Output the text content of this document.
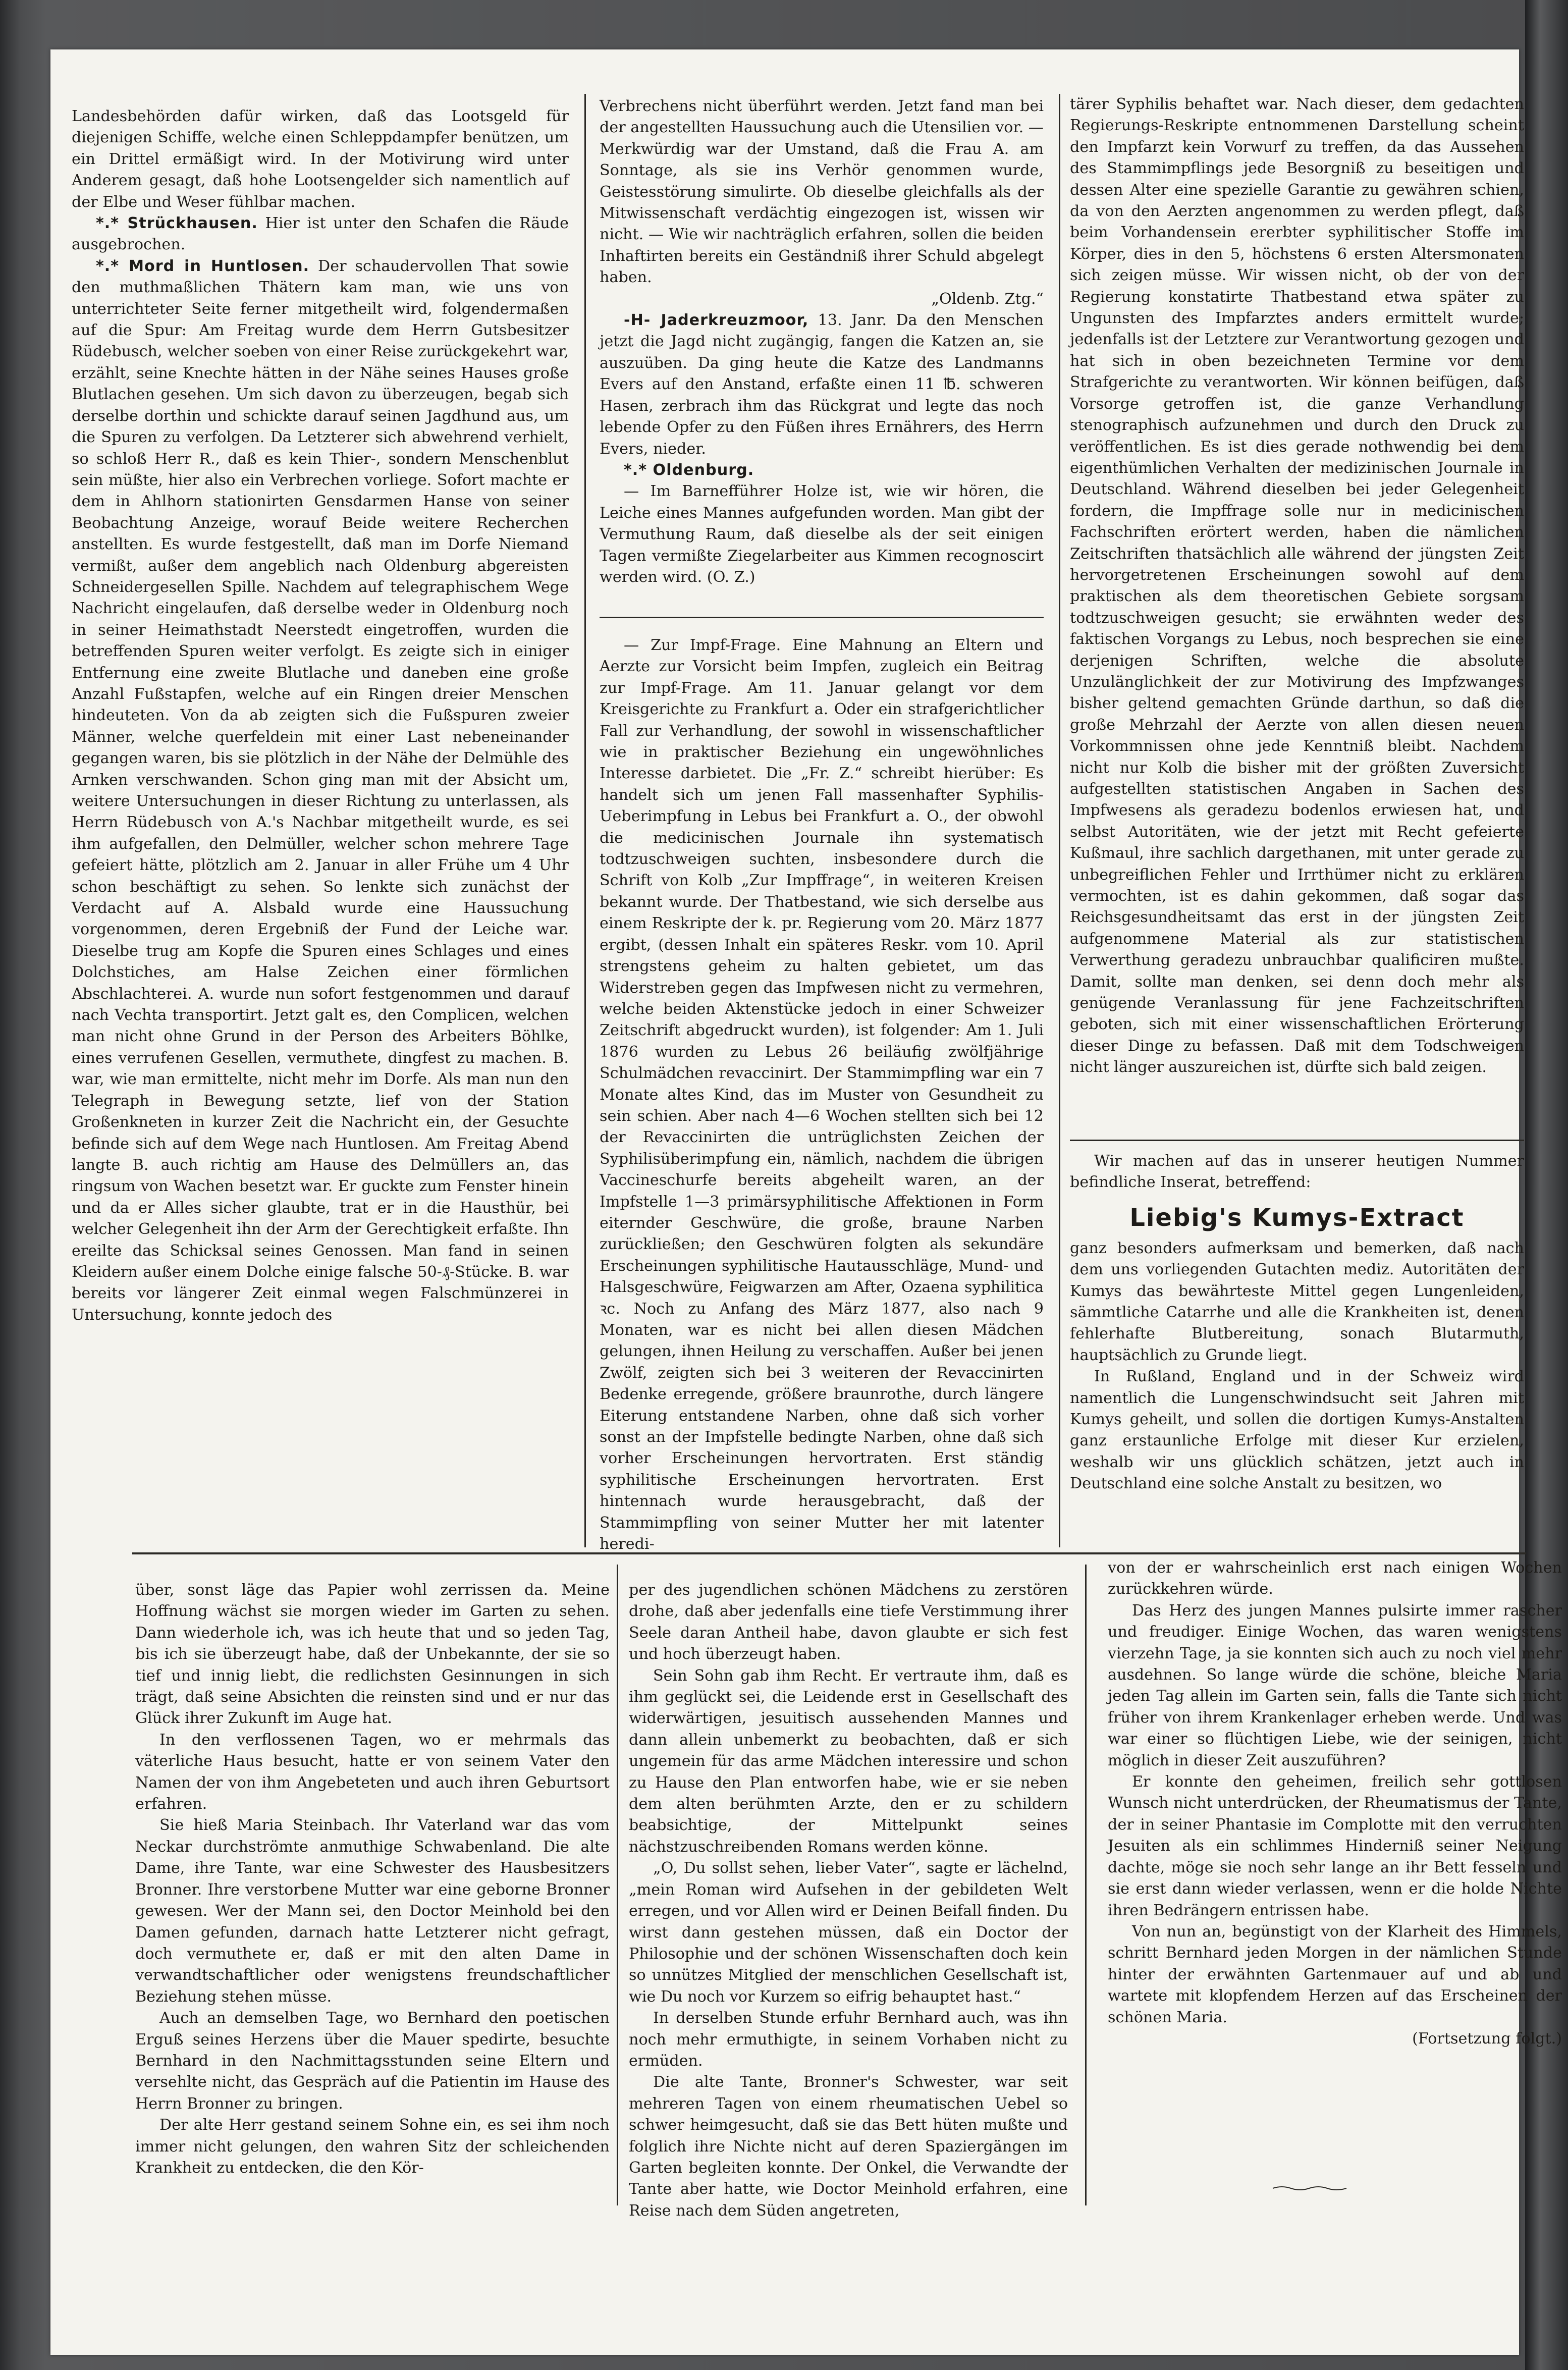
Landesbehörden dafür wirken, daß das Lootsgeld für diejenigen Schiffe, welche einen Schleppdampfer benützen, um ein Drittel ermäßigt wird. In der Motivirung wird unter Anderem gesagt, daß hohe Lootsengelder sich namentlich auf der Elbe und Weser fühlbar machen.

*.* Strückhausen. Hier ist unter den Schafen die Räude ausgebrochen.

*.* Mord in Huntlosen. Der schaudervollen That sowie den muthmaßlichen Thätern kam man, wie uns von unterrichteter Seite ferner mitgetheilt wird, folgendermaßen auf die Spur: Am Freitag wurde dem Herrn Gutsbesitzer Rüdebusch, welcher soeben von einer Reise zurückgekehrt war, erzählt, seine Knechte hätten in der Nähe seines Hauses große Blutlachen gesehen. Um sich davon zu überzeugen, begab sich derselbe dorthin und schickte darauf seinen Jagdhund aus, um die Spuren zu verfolgen. Da Letzterer sich abwehrend verhielt, so schloß Herr R., daß es kein Thier-, sondern Menschenblut sein müßte, hier also ein Verbrechen vorliege. Sofort machte er dem in Ahlhorn stationirten Gensdarmen Hanse von seiner Beobachtung Anzeige, worauf Beide weitere Recherchen anstellten. Es wurde festgestellt, daß man im Dorfe Niemand vermißt, außer dem angeblich nach Oldenburg abgereisten Schneidergesellen Spille. Nachdem auf telegraphischem Wege Nachricht eingelaufen, daß derselbe weder in Oldenburg noch in seiner Heimathstadt Neerstedt eingetroffen, wurden die betreffenden Spuren weiter verfolgt. Es zeigte sich in einiger Entfernung eine zweite Blutlache und daneben eine große Anzahl Fußstapfen, welche auf ein Ringen dreier Menschen hindeuteten. Von da ab zeigten sich die Fußspuren zweier Männer, welche querfeldein mit einer Last nebeneinander gegangen waren, bis sie plötzlich in der Nähe der Delmühle des Arnken verschwanden. Schon ging man mit der Absicht um, weitere Untersuchungen in dieser Richtung zu unterlassen, als Herrn Rüdebusch von A.'s Nachbar mitgetheilt wurde, es sei ihm aufgefallen, den Delmüller, welcher schon mehrere Tage gefeiert hätte, plötzlich am 2. Januar in aller Frühe um 4 Uhr schon beschäftigt zu sehen. So lenkte sich zunächst der Verdacht auf A. Alsbald wurde eine Haussuchung vorgenommen, deren Ergebniß der Fund der Leiche war. Dieselbe trug am Kopfe die Spuren eines Schlages und eines Dolchstiches, am Halse Zeichen einer förmlichen Abschlachterei. A. wurde nun sofort festgenommen und darauf nach Vechta transportirt. Jetzt galt es, den Complicen, welchen man nicht ohne Grund in der Person des Arbeiters Böhlke, eines verrufenen Gesellen, vermuthete, dingfest zu machen. B. war, wie man ermittelte, nicht mehr im Dorfe. Als man nun den Telegraph in Bewegung setzte, lief von der Station Großenkneten in kurzer Zeit die Nachricht ein, der Gesuchte befinde sich auf dem Wege nach Huntlosen. Am Freitag Abend langte B. auch richtig am Hause des Delmüllers an, das ringsum von Wachen besetzt war. Er guckte zum Fenster hinein und da er Alles sicher glaubte, trat er in die Hausthür, bei welcher Gelegenheit ihn der Arm der Gerechtigkeit erfaßte. Ihn ereilte das Schicksal seines Genossen. Man fand in seinen Kleidern außer einem Dolche einige falsche 50-₰-Stücke. B. war bereits vor längerer Zeit einmal wegen Falschmünzerei in Untersuchung, konnte jedoch des

Verbrechens nicht überführt werden. Jetzt fand man bei der angestellten Haussuchung auch die Utensilien vor. — Merkwürdig war der Umstand, daß die Frau A. am Sonntage, als sie ins Verhör genommen wurde, Geistesstörung simulirte. Ob dieselbe gleichfalls als der Mitwissenschaft verdächtig eingezogen ist, wissen wir nicht. — Wie wir nachträglich erfahren, sollen die beiden Inhaftirten bereits ein Geständniß ihrer Schuld abgelegt haben.

„Oldenb. Ztg.“

-H- Jaderkreuzmoor, 13. Janr. Da den Menschen jetzt die Jagd nicht zugängig, fangen die Katzen an, sie auszuüben. Da ging heute die Katze des Landmanns Evers auf den Anstand, erfaßte einen 11 ℔. schweren Hasen, zerbrach ihm das Rückgrat und legte das noch lebende Opfer zu den Füßen ihres Ernährers, des Herrn Evers, nieder.

*.* Oldenburg.

— Im Barnefführer Holze ist, wie wir hören, die Leiche eines Mannes aufgefunden worden. Man gibt der Vermuthung Raum, daß dieselbe als der seit einigen Tagen vermißte Ziegelarbeiter aus Kimmen recognoscirt werden wird. (O. Z.)

— Zur Impf-Frage. Eine Mahnung an Eltern und Aerzte zur Vorsicht beim Impfen, zugleich ein Beitrag zur Impf-Frage. Am 11. Januar gelangt vor dem Kreisgerichte zu Frankfurt a. Oder ein strafgerichtlicher Fall zur Verhandlung, der sowohl in wissenschaftlicher wie in praktischer Beziehung ein ungewöhnliches Interesse darbietet. Die „Fr. Z.“ schreibt hierüber: Es handelt sich um jenen Fall massenhafter Syphilis-Ueberimpfung in Lebus bei Frankfurt a. O., der obwohl die medicinischen Journale ihn systematisch todtzuschweigen suchten, insbesondere durch die Schrift von Kolb „Zur Impffrage“, in weiteren Kreisen bekannt wurde. Der Thatbestand, wie sich derselbe aus einem Reskripte der k. pr. Regierung vom 20. März 1877 ergibt, (dessen Inhalt ein späteres Reskr. vom 10. April strengstens geheim zu halten gebietet, um das Widerstreben gegen das Impfwesen nicht zu vermehren, welche beiden Aktenstücke jedoch in einer Schweizer Zeitschrift abgedruckt wurden), ist folgender: Am 1. Juli 1876 wurden zu Lebus 26 beiläufig zwölfjährige Schulmädchen revaccinirt. Der Stammimpfling war ein 7 Monate altes Kind, das im Muster von Gesundheit zu sein schien. Aber nach 4—6 Wochen stellten sich bei 12 der Revaccinirten die untrüglichsten Zeichen der Syphilisüberimpfung ein, nämlich, nachdem die übrigen Vaccineschurfe bereits abgeheilt waren, an der Impfstelle 1—3 primärsyphilitische Affektionen in Form eiternder Geschwüre, die große, braune Narben zurückließen; den Geschwüren folgten als sekundäre Erscheinungen syphilitische Hautausschläge, Mund- und Halsgeschwüre, Feigwarzen am After, Ozaena syphilitica ꝛc. Noch zu Anfang des März 1877, also nach 9 Monaten, war es nicht bei allen diesen Mädchen gelungen, ihnen Heilung zu verschaffen. Außer bei jenen Zwölf, zeigten sich bei 3 weiteren der Revaccinirten Bedenke erregende, größere braunrothe, durch längere Eiterung entstandene Narben, ohne daß sich vorher sonst an der Impfstelle bedingte Narben, ohne daß sich vorher Erscheinungen hervortraten. Erst ständig syphilitische Erscheinungen hervortraten. Erst hintennach wurde herausgebracht, daß der Stammimpfling von seiner Mutter her mit latenter heredi-

tärer Syphilis behaftet war. Nach dieser, dem gedachten Regierungs-Reskripte entnommenen Darstellung scheint den Impfarzt kein Vorwurf zu treffen, da das Aussehen des Stammimpflings jede Besorgniß zu beseitigen und dessen Alter eine spezielle Garantie zu gewähren schien, da von den Aerzten angenommen zu werden pflegt, daß beim Vorhandensein ererbter syphilitischer Stoffe im Körper, dies in den 5, höchstens 6 ersten Altersmonaten sich zeigen müsse. Wir wissen nicht, ob der von der Regierung konstatirte Thatbestand etwa später zu Ungunsten des Impfarztes anders ermittelt wurde; jedenfalls ist der Letztere zur Verantwortung gezogen und hat sich in oben bezeichneten Termine vor dem Strafgerichte zu verantworten. Wir können beifügen, daß Vorsorge getroffen ist, die ganze Verhandlung stenographisch aufzunehmen und durch den Druck zu veröffentlichen. Es ist dies gerade nothwendig bei dem eigenthümlichen Verhalten der medizinischen Journale in Deutschland. Während dieselben bei jeder Gelegenheit fordern, die Impffrage solle nur in medicinischen Fachschriften erörtert werden, haben die nämlichen Zeitschriften thatsächlich alle während der jüngsten Zeit hervorgetretenen Erscheinungen sowohl auf dem praktischen als dem theoretischen Gebiete sorgsam todtzuschweigen gesucht; sie erwähnten weder des faktischen Vorgangs zu Lebus, noch besprechen sie eine derjenigen Schriften, welche die absolute Unzulänglichkeit der zur Motivirung des Impfzwanges bisher geltend gemachten Gründe darthun, so daß die große Mehrzahl der Aerzte von allen diesen neuen Vorkommnissen ohne jede Kenntniß bleibt. Nachdem nicht nur Kolb die bisher mit der größten Zuversicht aufgestellten statistischen Angaben in Sachen des Impfwesens als geradezu bodenlos erwiesen hat, und selbst Autoritäten, wie der jetzt mit Recht gefeierte Kußmaul, ihre sachlich dargethanen, mit unter gerade zu unbegreiflichen Fehler und Irrthümer nicht zu erklären vermochten, ist es dahin gekommen, daß sogar das Reichsgesundheitsamt das erst in der jüngsten Zeit aufgenommene Material als zur statistischen Verwerthung geradezu unbrauchbar qualificiren mußte. Damit, sollte man denken, sei denn doch mehr als genügende Veranlassung für jene Fachzeitschriften geboten, sich mit einer wissenschaftlichen Erörterung dieser Dinge zu befassen. Daß mit dem Todschweigen nicht länger auszureichen ist, dürfte sich bald zeigen.

Wir machen auf das in unserer heutigen Nummer befindliche Inserat, betreffend:

Liebig's Kumys-Extract

ganz besonders aufmerksam und bemerken, daß nach dem uns vorliegenden Gutachten mediz. Autoritäten der Kumys das bewährteste Mittel gegen Lungenleiden, sämmtliche Catarrhe und alle die Krankheiten ist, denen fehlerhafte Blutbereitung, sonach Blutarmuth, hauptsächlich zu Grunde liegt.

In Rußland, England und in der Schweiz wird namentlich die Lungenschwindsucht seit Jahren mit Kumys geheilt, und sollen die dortigen Kumys-Anstalten ganz erstaunliche Erfolge mit dieser Kur erzielen, weshalb wir uns glücklich schätzen, jetzt auch in Deutschland eine solche Anstalt zu besitzen, wo

über, sonst läge das Papier wohl zerrissen da. Meine Hoffnung wächst sie morgen wieder im Garten zu sehen. Dann wiederhole ich, was ich heute that und so jeden Tag, bis ich sie überzeugt habe, daß der Unbekannte, der sie so tief und innig liebt, die redlichsten Gesinnungen in sich trägt, daß seine Absichten die reinsten sind und er nur das Glück ihrer Zukunft im Auge hat.

In den verflossenen Tagen, wo er mehrmals das väterliche Haus besucht, hatte er von seinem Vater den Namen der von ihm Angebeteten und auch ihren Geburtsort erfahren.

Sie hieß Maria Steinbach. Ihr Vaterland war das vom Neckar durchströmte anmuthige Schwabenland. Die alte Dame, ihre Tante, war eine Schwester des Hausbesitzers Bronner. Ihre verstorbene Mutter war eine geborne Bronner gewesen. Wer der Mann sei, den Doctor Meinhold bei den Damen gefunden, darnach hatte Letzterer nicht gefragt, doch vermuthete er, daß er mit den alten Dame in verwandtschaftlicher oder wenigstens freundschaftlicher Beziehung stehen müsse.

Auch an demselben Tage, wo Bernhard den poetischen Erguß seines Herzens über die Mauer spedirte, besuchte Bernhard in den Nachmittagsstunden seine Eltern und versehlte nicht, das Gespräch auf die Patientin im Hause des Herrn Bronner zu bringen.

Der alte Herr gestand seinem Sohne ein, es sei ihm noch immer nicht gelungen, den wahren Sitz der schleichenden Krankheit zu entdecken, die den Kör-

per des jugendlichen schönen Mädchens zu zerstören drohe, daß aber jedenfalls eine tiefe Verstimmung ihrer Seele daran Antheil habe, davon glaubte er sich fest und hoch überzeugt haben.

Sein Sohn gab ihm Recht. Er vertraute ihm, daß es ihm geglückt sei, die Leidende erst in Gesellschaft des widerwärtigen, jesuitisch aussehenden Mannes und dann allein unbemerkt zu beobachten, daß er sich ungemein für das arme Mädchen interessire und schon zu Hause den Plan entworfen habe, wie er sie neben dem alten berühmten Arzte, den er zu schildern beabsichtige, der Mittelpunkt seines nächstzuschreibenden Romans werden könne.

„O, Du sollst sehen, lieber Vater“, sagte er lächelnd, „mein Roman wird Aufsehen in der gebildeten Welt erregen, und vor Allen wird er Deinen Beifall finden. Du wirst dann gestehen müssen, daß ein Doctor der Philosophie und der schönen Wissenschaften doch kein so unnützes Mitglied der menschlichen Gesellschaft ist, wie Du noch vor Kurzem so eifrig behauptet hast.“

In derselben Stunde erfuhr Bernhard auch, was ihn noch mehr ermuthigte, in seinem Vorhaben nicht zu ermüden.

Die alte Tante, Bronner's Schwester, war seit mehreren Tagen von einem rheumatischen Uebel so schwer heimgesucht, daß sie das Bett hüten mußte und folglich ihre Nichte nicht auf deren Spaziergängen im Garten begleiten konnte. Der Onkel, die Verwandte der Tante aber hatte, wie Doctor Meinhold erfahren, eine Reise nach dem Süden angetreten,

von der er wahrscheinlich erst nach einigen Wochen zurückkehren würde.

Das Herz des jungen Mannes pulsirte immer rascher und freudiger. Einige Wochen, das waren wenigstens vierzehn Tage, ja sie konnten sich auch zu noch viel mehr ausdehnen. So lange würde die schöne, bleiche Maria jeden Tag allein im Garten sein, falls die Tante sich nicht früher von ihrem Krankenlager erheben werde. Und was war einer so flüchtigen Liebe, wie der seinigen, nicht möglich in dieser Zeit auszuführen?

Er konnte den geheimen, freilich sehr gottlosen Wunsch nicht unterdrücken, der Rheumatismus der Tante, der in seiner Phantasie im Complotte mit den verruchten Jesuiten als ein schlimmes Hinderniß seiner Neigung dachte, möge sie noch sehr lange an ihr Bett fesseln und sie erst dann wieder verlassen, wenn er die holde Nichte ihren Bedrängern entrissen habe.

Von nun an, begünstigt von der Klarheit des Himmels, schritt Bernhard jeden Morgen in der nämlichen Stunde hinter der erwähnten Gartenmauer auf und ab und wartete mit klopfendem Herzen auf das Erscheinen der schönen Maria.

(Fortsetzung folgt.)
